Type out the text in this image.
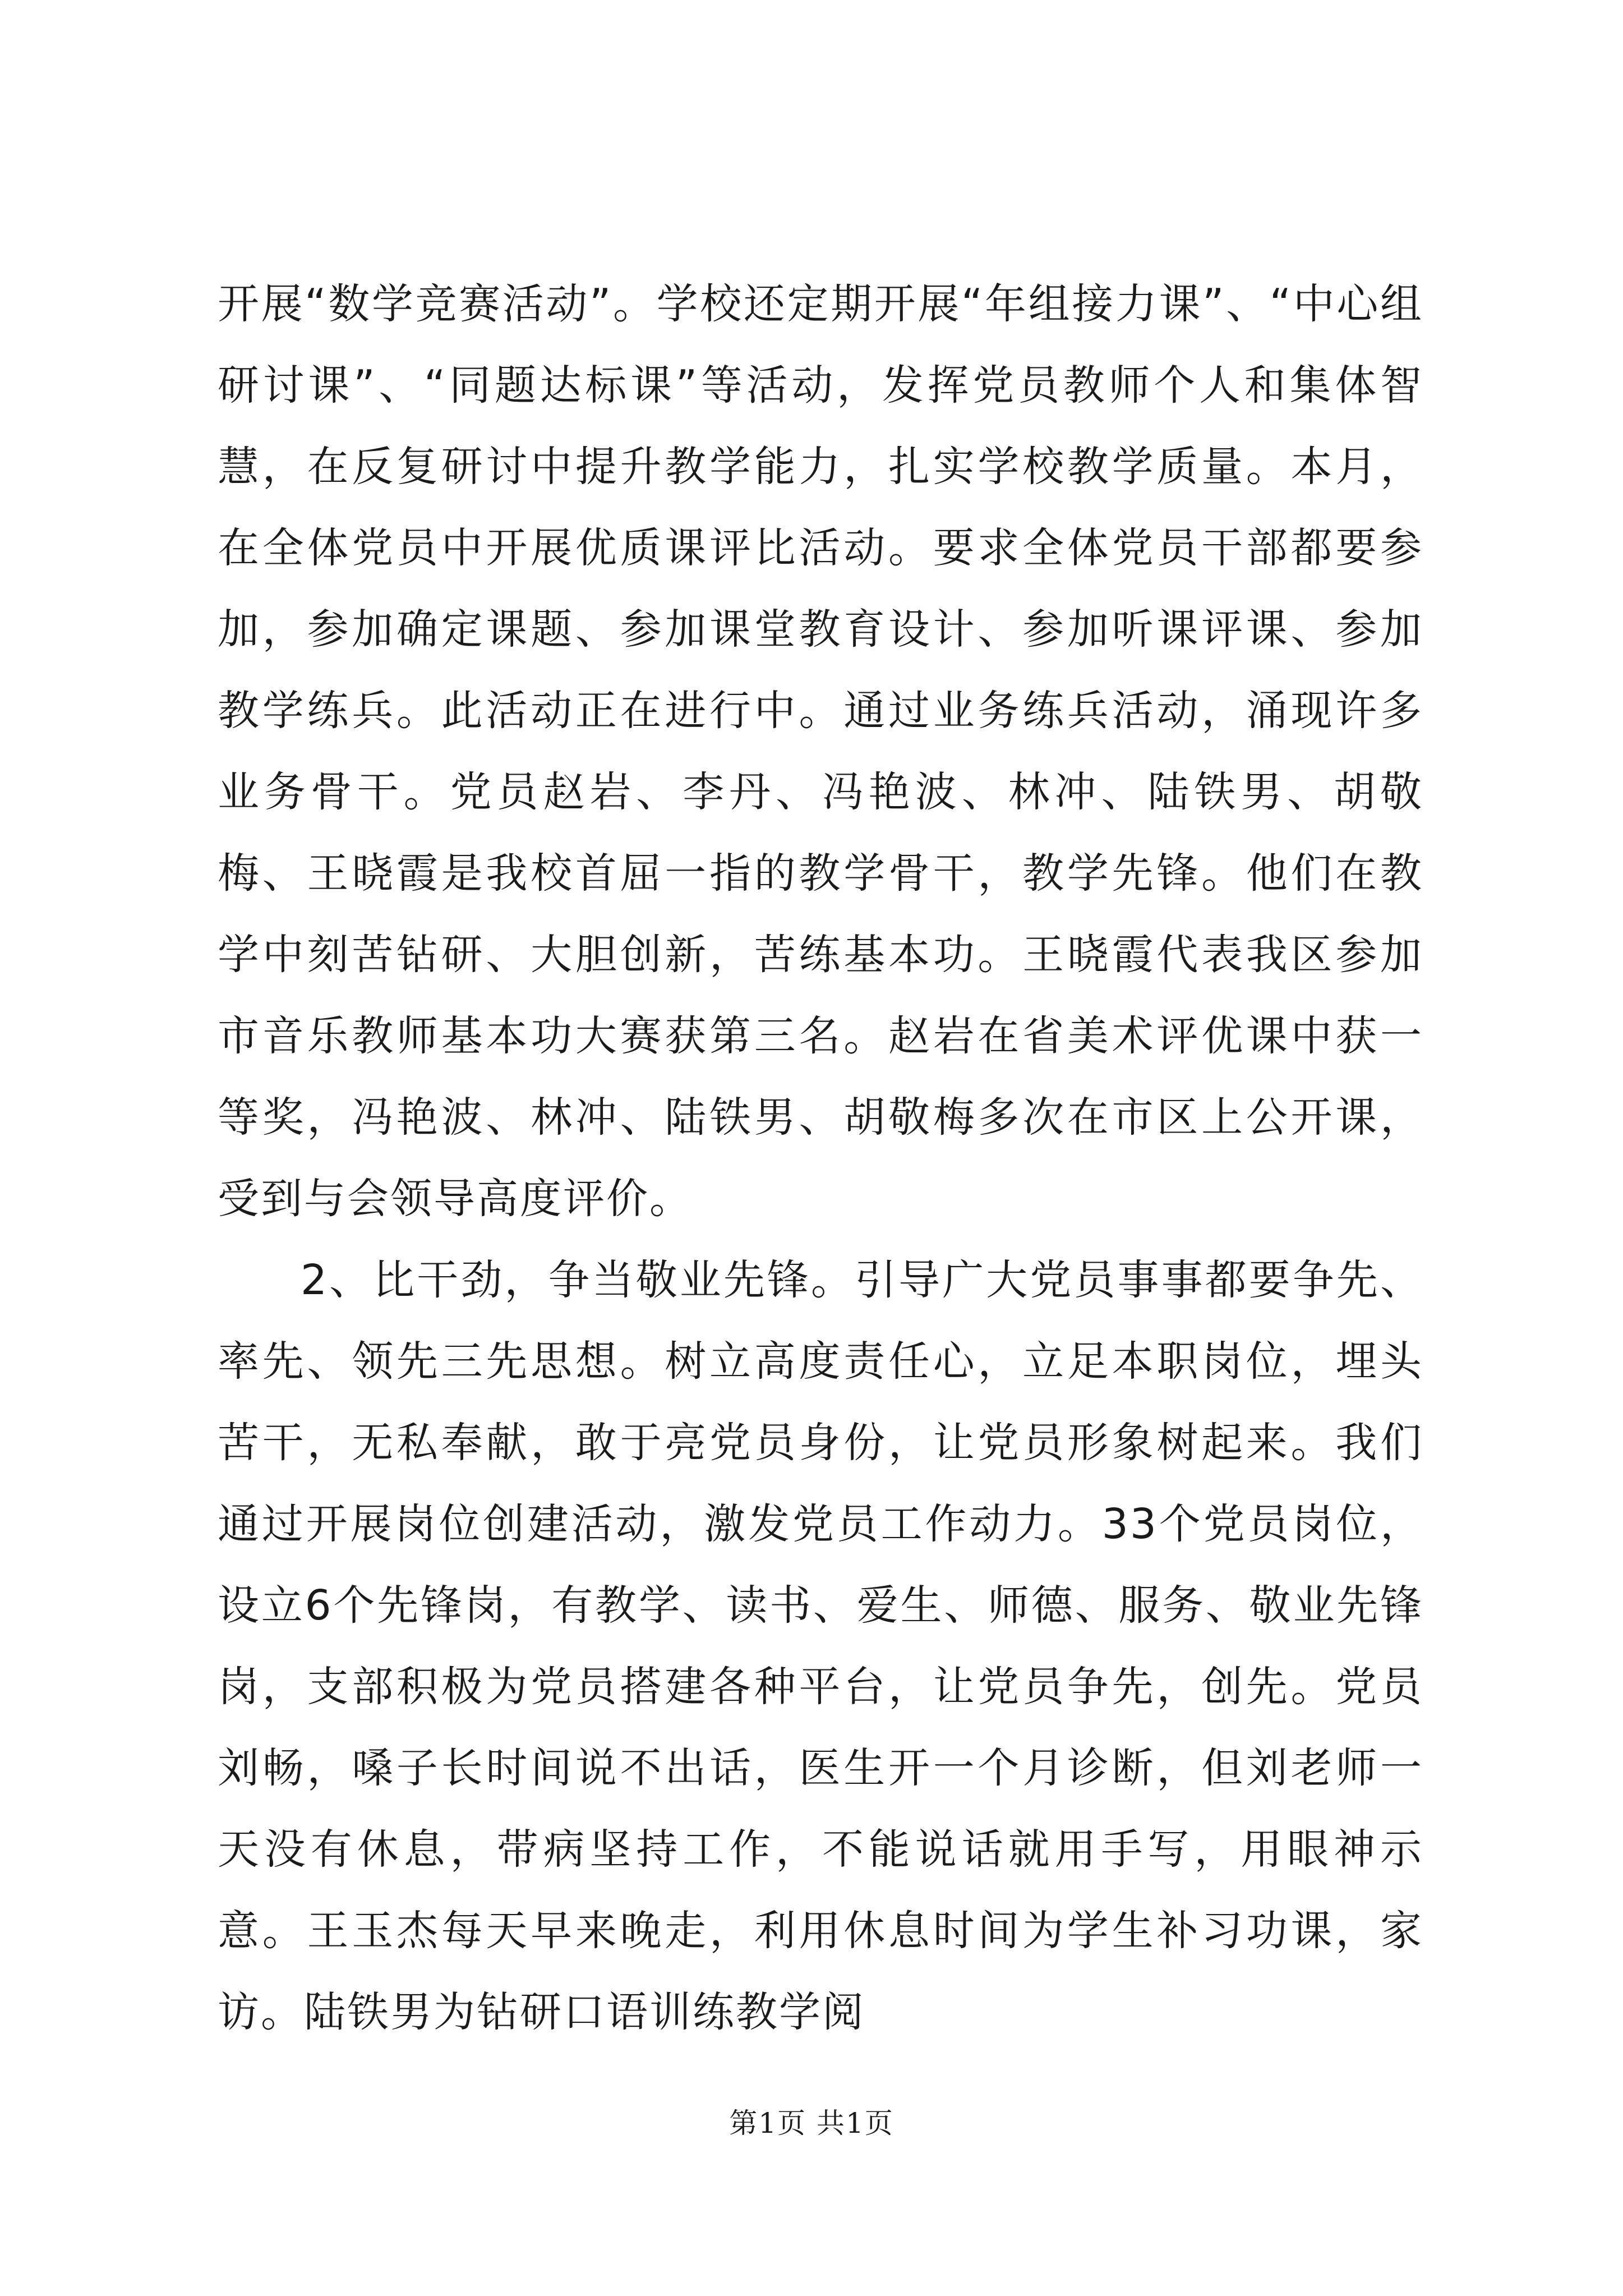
开展“数学竞赛活动”。学校还定期开展“年组接力课”、“中心组研讨课”、“同题达标课”等活动，发挥党员教师个人和集体智慧，在反复研讨中提升教学能力，扎实学校教学质量。本月，在全体党员中开展优质课评比活动。要求全体党员干部都要参加，参加确定课题、参加课堂教育设计、参加听课评课、参加教学练兵。此活动正在进行中。通过业务练兵活动，涌现许多业务骨干。党员赵岩、李丹、冯艳波、林冲、陆铁男、胡敬梅、王晓霞是我校首屈一指的教学骨干，教学先锋。他们在教学中刻苦钻研、大胆创新，苦练基本功。王晓霞代表我区参加市音乐教师基本功大赛获第三名。赵岩在省美术评优课中获一等奖，冯艳波、林冲、陆铁男、胡敬梅多次在市区上公开课，受到与会领导高度评价。

2、比干劲，争当敬业先锋。引导广大党员事事都要争先、率先、领先三先思想。树立高度责任心，立足本职岗位，埋头苦干，无私奉献，敢于亮党员身份，让党员形象树起来。我们通过开展岗位创建活动，激发党员工作动力。33个党员岗位，设立6个先锋岗，有教学、读书、爱生、师德、服务、敬业先锋岗，支部积极为党员搭建各种平台，让党员争先，创先。党员刘畅，嗓子长时间说不出话，医生开一个月诊断，但刘老师一天没有休息，带病坚持工作，不能说话就用手写，用眼神示意。王玉杰每天早来晚走，利用休息时间为学生补习功课，家访。陆铁男为钻研口语训练教学阅

第1页 共1页
